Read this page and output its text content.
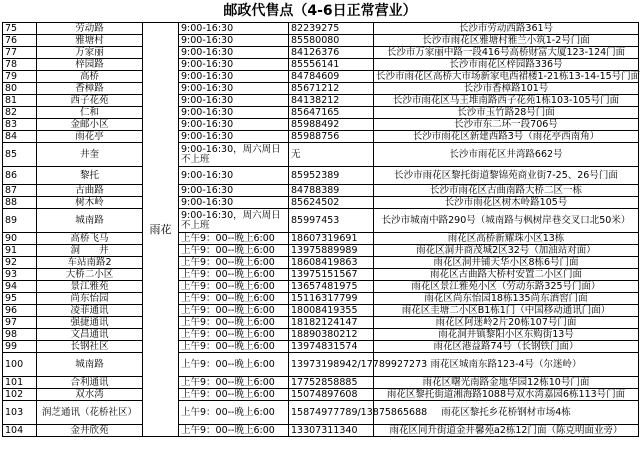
邮政代售点（4-6日正常营业）
75	劳动路	雨花	9:00-16:30	82239275	长沙市劳动西路361号
76	雅塘村		9:00-16:30	85580080	长沙市雨花区雅塘村雅兰小筑1-2号门面
77	万家丽		9:00-16:30	84126376	长沙市万家丽中路一段416号高桥财富大厦123-124门面
78	梓园路		9:00-16:30	85556141	长沙市雨花区梓园路336号
79	高桥		9:00-16:30	84784609	长沙市雨花区高桥大市场新家电西裙楼1-21栋13-14-15号门面
80	香樟路		9:00-16:30	85671212	长沙市香樟路101号
81	西子花苑		9:00-16:30	84138212	长沙市雨花区马王堆南路西子花苑1栋103-105号门面
82	仁和		9:00-16:30	85647165	长沙市玉竹路28号门面
83	金邮小区		9:00-16:30	85988492	长沙市东二环一段706号
84	雨花亭		9:00-16:30	85988756	长沙市雨花区新建西路3号（雨花亭西南角）
85	井奎		9:00-16:30，周六周日不上班	无	长沙市雨花区井湾路662号
86	黎托		9:00-16:30	85952389	长沙市雨花区黎托街道黎锦苑商业街7-25、26号门面
87	古曲路		9:00-16:30	84788389	长沙市雨花区古曲南路大桥二区一栋
88	树木岭		9:00-16:30	85624502	长沙市雨花区树木岭路105号
89	城南路		9:00-16:30，周六周日不上班	85997453	长沙市城南中路290号（城南路与枫树岸巷交叉口北50米）
90	高桥飞马		上午9：00--晚上6:00	18607319691	雨花区高桥新耀珠小区13栋
91	洞　　井		上午9：00--晚上6:00	13975889989	雨花区洞井商茂城2区32号（加油站对面）
92	车站南路2		上午9：00--晚上6:00	18608419863	雨花区洞井铺天华小区8栋6号门面
93	大桥二小区		上午9：00--晚上6:00	13975151567	雨花区古曲路大桥村安置二小区门面
94	景江雅苑		上午9：00--晚上6:00	13657481975	雨花区景江雅苑小区（劳动东路325号门面）
95	尚东怡园		上午9：00--晚上6:00	15116317799	雨花区尚东怡园18栋135尚东酒窖门面
96	凌菲通讯		上午9：00--晚上6:00	18008419355	雨花区圭塘二小区B1栋1门（中国移动通讯门面）
97	强捷通讯		上午9：00--晚上6:00	18182124147	雨花区阿迷岭2片20栋107号门面
98	文昌通讯		上午9：00--晚上6:00	18890380212	雨花洞井镇黎阳小区东购街13号
99	长钢社区		上午9：00--晚上6:00	13974831574	雨花区港益路74号（长钢铁门面）
100	城南路		上午9：00--晚上6:00	13973198942/17789927273	雨花区城南东路123-4号（尔迷岭）
101	合利通讯		上午9：00--晚上6:00	17752858885	雨花区曙光南路金地华园12栋10号门面
102	双水湾		上午9：00--晚上6:00	15074897608	雨花区黎托街道湘海路1088号双水湾嘉园6栋113号门面
103	润芝通讯（花桥社区）		上午9：00--晚上6:00	15874977789/13875865688	雨花区黎托乡花桥钢材市场4栋
104	金井欣苑		上午9：00--晚上6:00	13307311340	雨花区同升街道金井馨苑a2栋12门面（陈克明面业旁）
